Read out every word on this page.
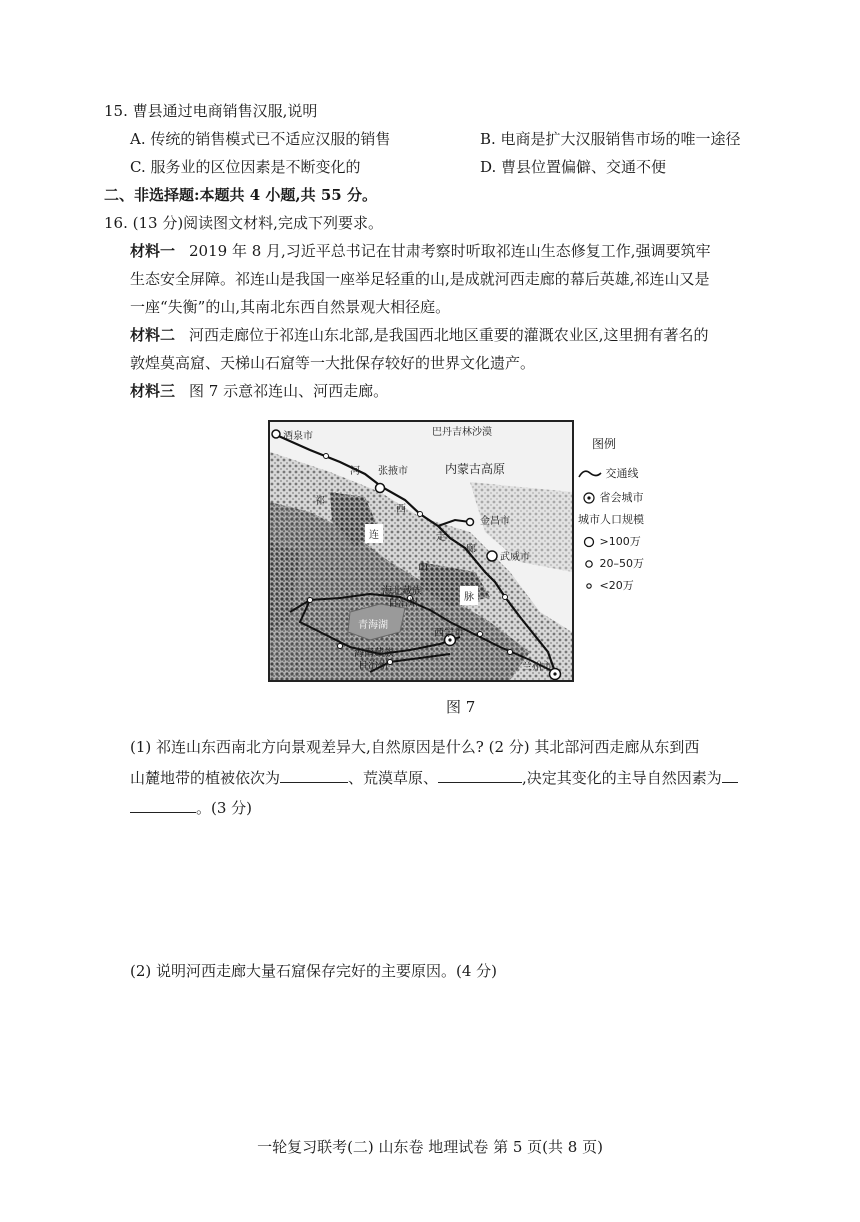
15. 曹县通过电商销售汉服,说明
A. 传统的销售模式已不适应汉服的销售	B. 电商是扩大汉服销售市场的唯一途径
C. 服务业的区位因素是不断变化的	D. 曹县位置偏僻、交通不便
二、非选择题:本题共 4 小题,共 55 分。
16. (13 分)阅读图文材料,完成下列要求。
材料一 2019 年 8 月,习近平总书记在甘肃考察时听取祁连山生态修复工作,强调要筑牢
生态安全屏障。祁连山是我国一座举足轻重的山,是成就河西走廊的幕后英雄,祁连山又是
一座“失衡”的山,其南北东西自然景观大相径庭。
材料二 河西走廊位于祁连山东北部,是我国西北地区重要的灌溉农业区,这里拥有著名的
敦煌莫高窟、天梯山石窟等一大批保存较好的世界文化遗产。
材料三 图 7 示意祁连山、河西走廊。
酒泉市	巴丹吉林沙漠
河 张掖市	内蒙古高原
祁
西
连	走
金昌市
廊
武威市
山
海北藏族
自治州
脉
青海湖
西宁市
海南藏族
自治州	兰州市
图例
交通线
省会城市
城市人口规模
>100万
20–50万
<20万
图 7
(1) 祁连山东西南北方向景观差异大,自然原因是什么? (2 分) 其北部河西走廊从东到西
山麓地带的植被依次为	、荒漠草原、	,决定其变化的主导自然因素为
。(3 分)
(2) 说明河西走廊大量石窟保存完好的主要原因。(4 分)
一轮复习联考(二) 山东卷 地理试卷 第 5 页(共 8 页)
